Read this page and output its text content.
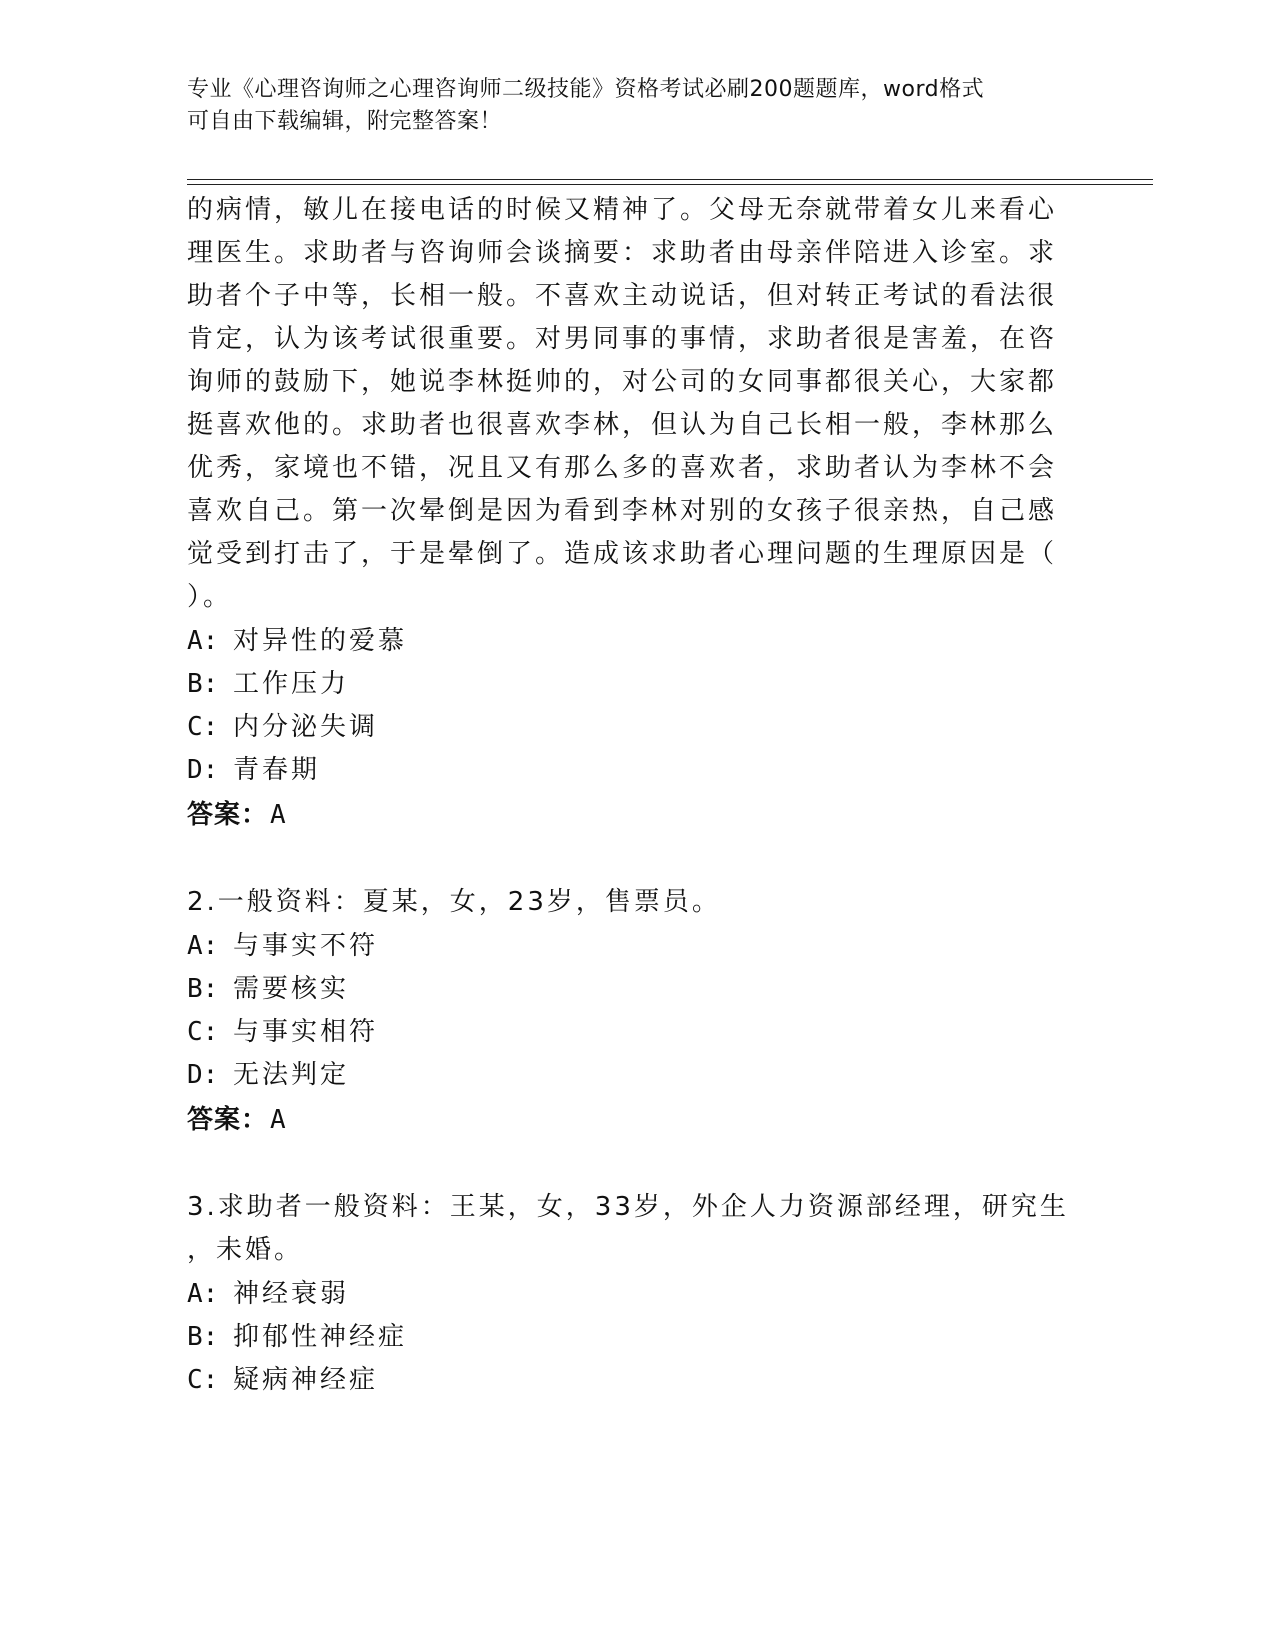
专业《心理咨询师之心理咨询师二级技能》资格考试必刷200题题库，word格式
可自由下载编辑，附完整答案！
的病情，敏儿在接电话的时候又精神了。父母无奈就带着女儿来看心
理医生。求助者与咨询师会谈摘要：求助者由母亲伴陪进入诊室。求
助者个子中等，长相一般。不喜欢主动说话，但对转正考试的看法很
肯定，认为该考试很重要。对男同事的事情，求助者很是害羞，在咨
询师的鼓励下，她说李林挺帅的，对公司的女同事都很关心，大家都
挺喜欢他的。求助者也很喜欢李林，但认为自己长相一般，李林那么
优秀，家境也不错，况且又有那么多的喜欢者，求助者认为李林不会
喜欢自己。第一次晕倒是因为看到李林对别的女孩子很亲热，自己感
觉受到打击了，于是晕倒了。造成该求助者心理问题的生理原因是（
）。
A: 对异性的爱慕
B: 工作压力
C: 内分泌失调
D: 青春期
答案：A
2.一般资料：夏某，女，23岁，售票员。
A: 与事实不符
B: 需要核实
C: 与事实相符
D: 无法判定
答案：A
3.求助者一般资料：王某，女，33岁，外企人力资源部经理，研究生
，未婚。
A: 神经衰弱
B: 抑郁性神经症
C: 疑病神经症
